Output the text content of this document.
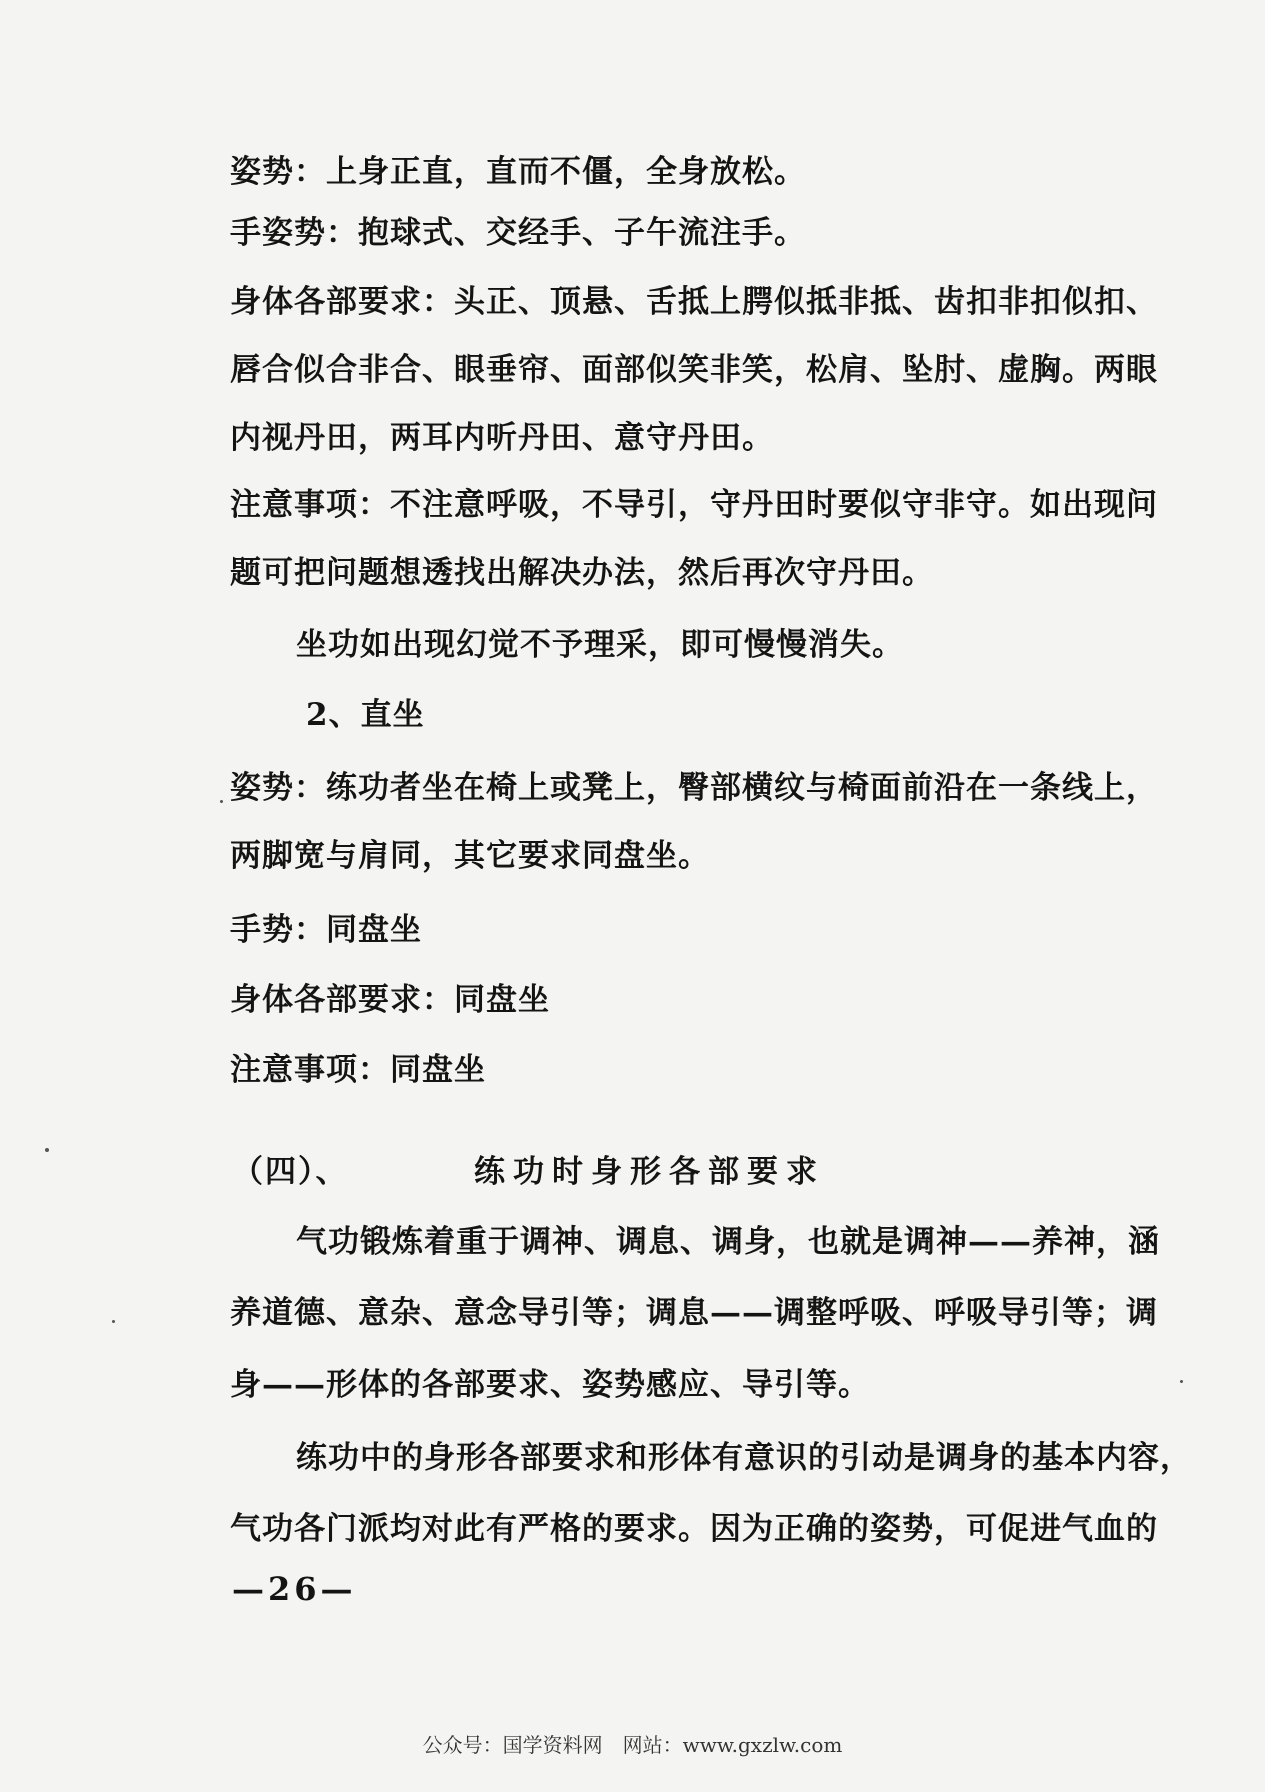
姿势：上身正直，直而不僵，全身放松。
手姿势：抱球式、交经手、子午流注手。
身体各部要求：头正、顶悬、舌抵上腭似抵非抵、齿扣非扣似扣、
唇合似合非合、眼垂帘、面部似笑非笑，松肩、坠肘、虚胸。两眼
内视丹田，两耳内听丹田、意守丹田。
注意事项：不注意呼吸，不导引，守丹田时要似守非守。如出现问
题可把问题想透找出解决办法，然后再次守丹田。
坐功如出现幻觉不予理采，即可慢慢消失。
2、直坐
姿势：练功者坐在椅上或凳上，臀部横纹与椅面前沿在一条线上，
两脚宽与肩同，其它要求同盘坐。
手势：同盘坐
身体各部要求：同盘坐
注意事项：同盘坐
（四）、	练功时身形各部要求
气功锻炼着重于调神、调息、调身，也就是调神——养神，涵
养道德、意杂、意念导引等；调息——调整呼吸、呼吸导引等；调
身——形体的各部要求、姿势感应、导引等。
练功中的身形各部要求和形体有意识的引动是调身的基本内容，
气功各门派均对此有严格的要求。因为正确的姿势，可促进气血的
—26—
公众号：国学资料网　网站：www.gxzlw.com
